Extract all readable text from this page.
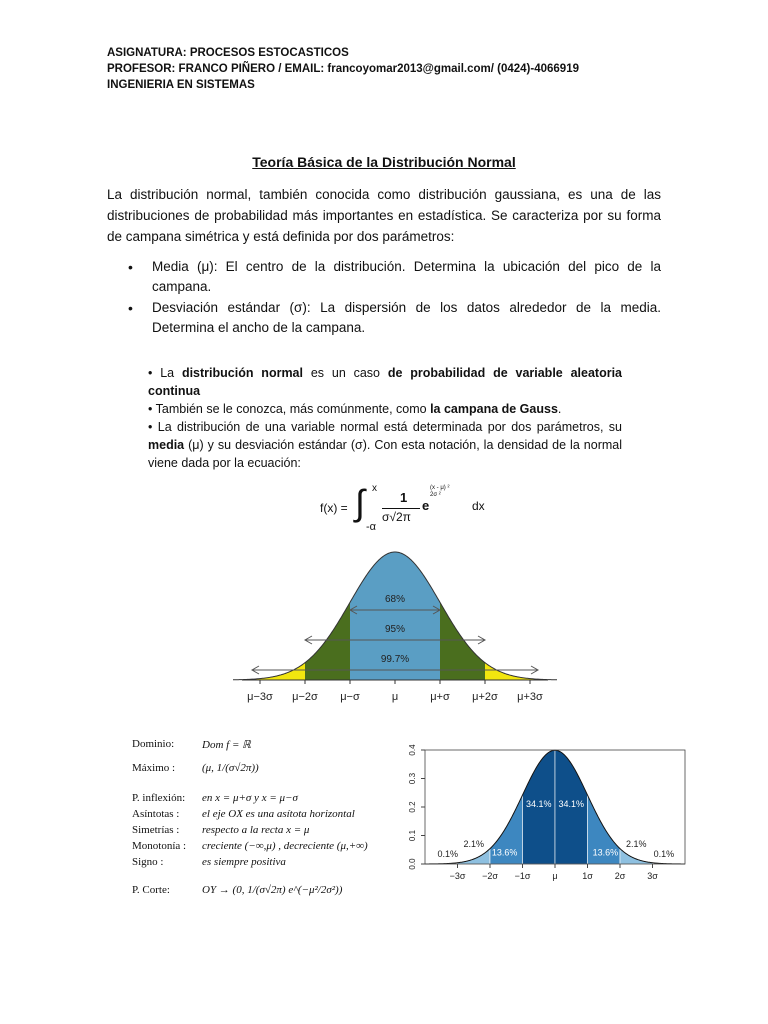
ASIGNATURA: PROCESOS ESTOCASTICOS
PROFESOR: FRANCO PIÑERO / EMAIL: francoyomar2013@gmail.com/ (0424)-4066919
INGENIERIA EN SISTEMAS
Teoría Básica de la Distribución Normal
La distribución normal, también conocida como distribución gaussiana, es una de las distribuciones de probabilidad más importantes en estadística. Se caracteriza por su forma de campana simétrica y está definida por dos parámetros:
• Media (μ): El centro de la distribución. Determina la ubicación del pico de la campana.
• Desviación estándar (σ): La dispersión de los datos alrededor de la media. Determina el ancho de la campana.
• La distribución normal es un caso de probabilidad de variable aleatoria continua
• También se le conozca, más comúnmente, como la campana de Gauss.
• La distribución de una variable normal está determinada por dos parámetros, su media (μ) y su desviación estándar (σ). Con esta notación, la densidad de la normal viene dada por la ecuación:
f(x) = ∫ x
-α
1
σ√2π
e
(x - μ) ²
2σ ²
dx
68%
95%
99.7%
μ−3σ μ−2σ μ−σ	μ	μ+σ μ+2σ μ+3σ
Dominio:	Dom f = ℝ
Máximo : (μ, 1/(σ√2π))
P. inflexión: en x = μ+σ y x = μ−σ
Asíntotas : el eje OX es una asítota horizontal
Simetrías : respecto a la recta x = μ
Monotonía : creciente (−∞,μ) , decreciente (μ,+∞)
Signo :	es siempre positiva
P. Corte:	OY → (0, 1/(σ√2π) e^(−μ²/2σ²))
0.0
0.1
0.2
0.3
0.4
−3σ −2σ −1σ μ	1σ 2σ 3σ
13.6%
34.1% 34.1%
13.6%
2.1%	2.1%
0.1%	0.1%
